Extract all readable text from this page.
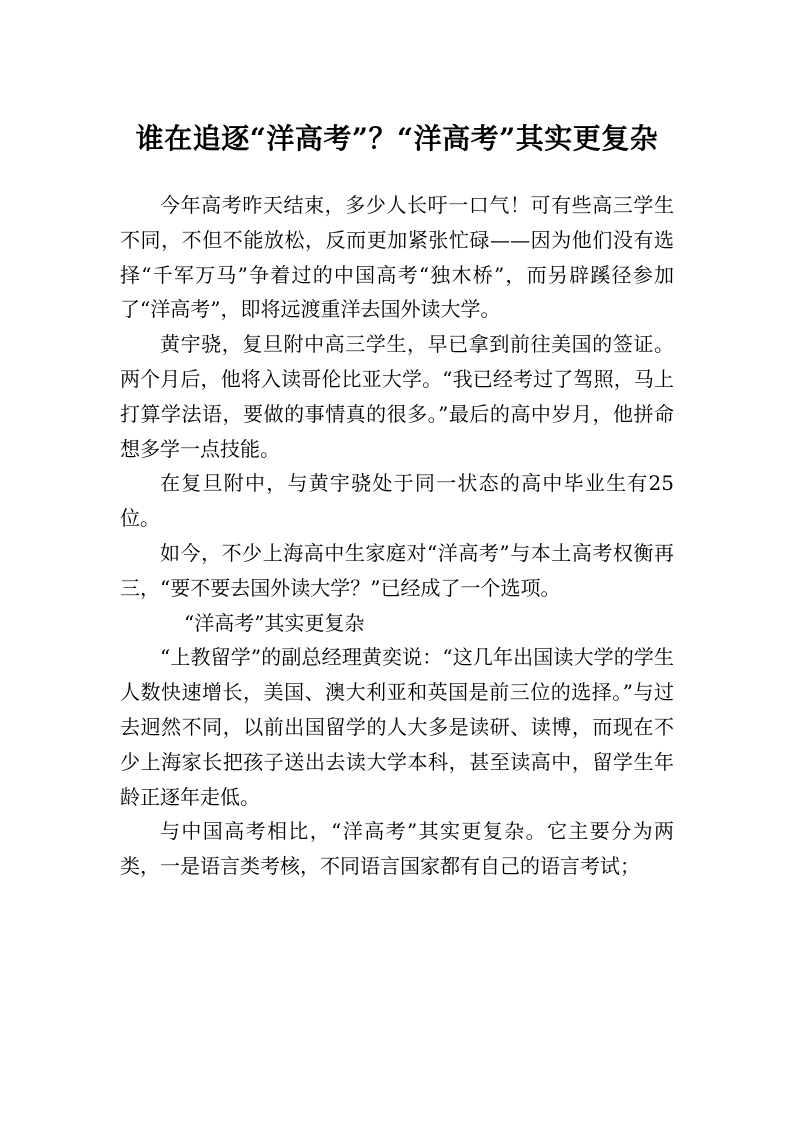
谁在追逐“洋高考”？“洋高考”其实更复杂

今年高考昨天结束，多少人长吁一口气！可有些高三学生不同，不但不能放松，反而更加紧张忙碌——因为他们没有选择“千军万马”争着过的中国高考“独木桥”，而另辟蹊径参加了“洋高考”，即将远渡重洋去国外读大学。

黄宇骁，复旦附中高三学生，早已拿到前往美国的签证。两个月后，他将入读哥伦比亚大学。“我已经考过了驾照，马上打算学法语，要做的事情真的很多。”最后的高中岁月，他拼命想多学一点技能。

在复旦附中，与黄宇骁处于同一状态的高中毕业生有25位。

如今，不少上海高中生家庭对“洋高考”与本土高考权衡再三，“要不要去国外读大学？”已经成了一个选项。

“洋高考”其实更复杂

“上教留学”的副总经理黄奕说：“这几年出国读大学的学生人数快速增长，美国、澳大利亚和英国是前三位的选择。”与过去迥然不同，以前出国留学的人大多是读研、读博，而现在不少上海家长把孩子送出去读大学本科，甚至读高中，留学生年龄正逐年走低。

与中国高考相比，“洋高考”其实更复杂。它主要分为两类，一是语言类考核，不同语言国家都有自己的语言考试；
